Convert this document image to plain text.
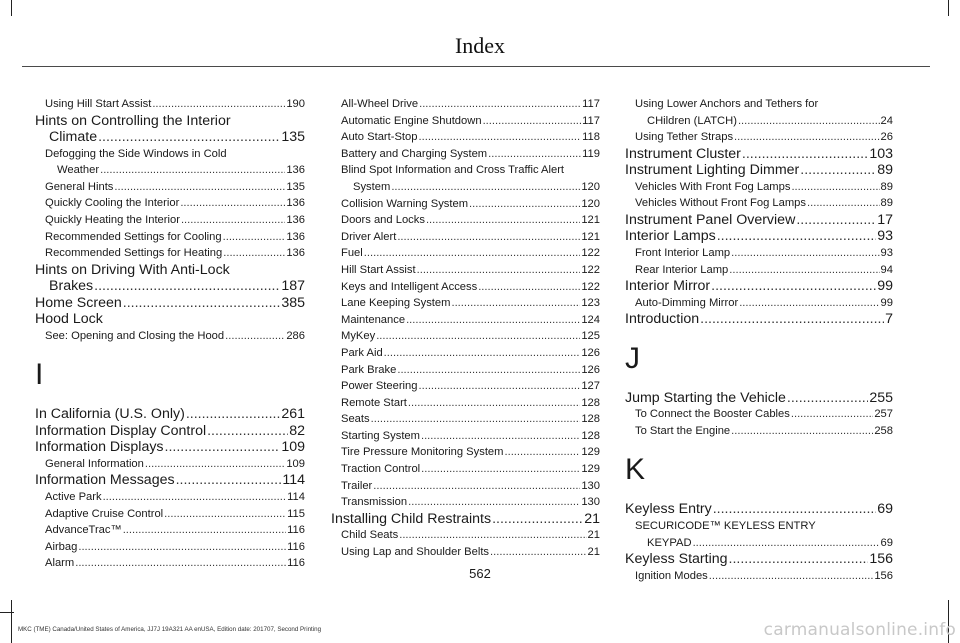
Index
Using Hill Start Assist .....	190
Hints on Controlling the Interior
Climate .....	135
Defogging the Side Windows in Cold
Weather .....	136
General Hints .....	135
Quickly Cooling the Interior .....	136
Quickly Heating the Interior .....	136
Recommended Settings for Cooling .....	136
Recommended Settings for Heating .....	136
Hints on Driving With Anti-Lock
Brakes .....	187
Home Screen .....	385
Hood Lock
See: Opening and Closing the Hood .....	286
I
In California (U.S. Only) .....	261
Information Display Control .....	82
Information Displays .....	109
General Information .....	109
Information Messages .....	114
Active Park .....	114
Adaptive Cruise Control .....	115
AdvanceTrac™ .....	116
Airbag .....	116
Alarm .....	116
All-Wheel Drive .....	117
Automatic Engine Shutdown .....	117
Auto Start-Stop .....	118
Battery and Charging System .....	119
Blind Spot Information and Cross Traffic Alert
System .....	120
Collision Warning System .....	120
Doors and Locks .....	121
Driver Alert .....	121
Fuel .....	122
Hill Start Assist .....	122
Keys and Intelligent Access .....	122
Lane Keeping System .....	123
Maintenance .....	124
MyKey .....	125
Park Aid .....	126
Park Brake .....	126
Power Steering .....	127
Remote Start .....	128
Seats .....	128
Starting System .....	128
Tire Pressure Monitoring System .....	129
Traction Control .....	129
Trailer .....	130
Transmission .....	130
Installing Child Restraints .....	21
Child Seats .....	21
Using Lap and Shoulder Belts .....	21
Using Lower Anchors and Tethers for
CHildren (LATCH) .....	24
Using Tether Straps .....	26
Instrument Cluster .....	103
Instrument Lighting Dimmer .....	89
Vehicles With Front Fog Lamps .....	89
Vehicles Without Front Fog Lamps .....	89
Instrument Panel Overview .....	17
Interior Lamps .....	93
Front Interior Lamp .....	93
Rear Interior Lamp .....	94
Interior Mirror .....	99
Auto-Dimming Mirror .....	99
Introduction .....	7
J
Jump Starting the Vehicle .....	255
To Connect the Booster Cables .....	257
To Start the Engine .....	258
K
Keyless Entry .....	69
SECURICODE™ KEYLESS ENTRY
KEYPAD .....	69
Keyless Starting .....	156
Ignition Modes .....	156
562
MKC (TME) Canada/United States of America, JJ7J 19A321 AA enUSA, Edition date: 201707, Second Printing	carmanualsonline.info
